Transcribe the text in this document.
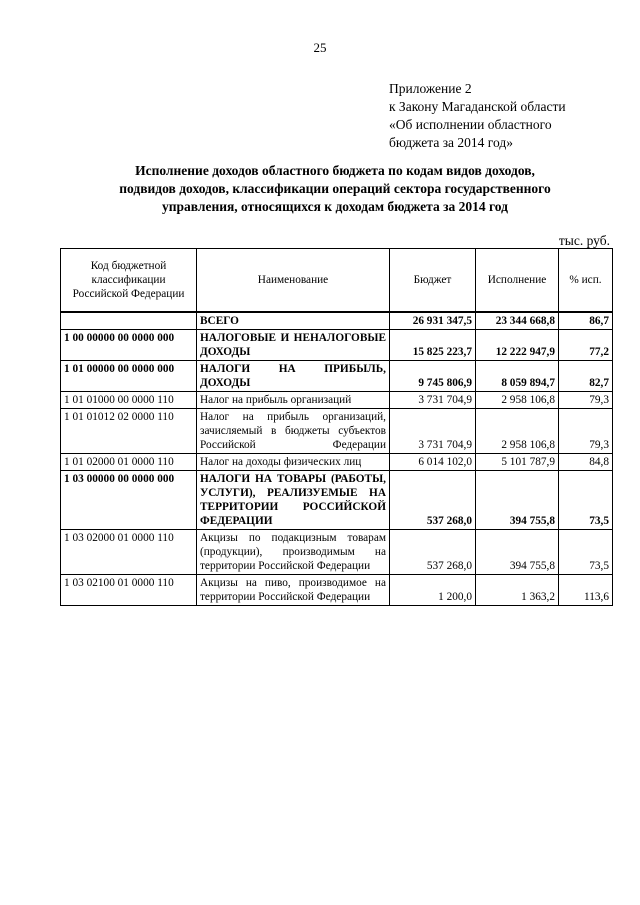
25
Приложение 2
к Закону Магаданской области
«Об исполнении областного
бюджета за 2014 год»
Исполнение доходов областного бюджета по кодам видов доходов,
подвидов доходов, классификации операций сектора государственного
управления, относящихся к доходам бюджета за 2014 год
тыс. руб.
Код бюджетной классификации Российской Федерации	Наименование	Бюджет	Исполнение	% исп.
	ВСЕГО	26 931 347,5	23 344 668,8	86,7
1 00 00000 00 0000 000	НАЛОГОВЫЕ И НЕНАЛОГОВЫЕ ДОХОДЫ	15 825 223,7	12 222 947,9	77,2
1 01 00000 00 0000 000	НАЛОГИ НА ПРИБЫЛЬ, ДОХОДЫ	9 745 806,9	8 059 894,7	82,7
1 01 01000 00 0000 110	Налог на прибыль организаций	3 731 704,9	2 958 106,8	79,3
1 01 01012 02 0000 110	Налог на прибыль организаций, зачисляемый в бюджеты субъектов Российской Федерации	3 731 704,9	2 958 106,8	79,3
1 01 02000 01 0000 110	Налог на доходы физических лиц	6 014 102,0	5 101 787,9	84,8
1 03 00000 00 0000 000	НАЛОГИ НА ТОВАРЫ (РАБОТЫ, УСЛУГИ), РЕАЛИЗУЕМЫЕ НА ТЕРРИТОРИИ РОССИЙСКОЙ ФЕДЕРАЦИИ	537 268,0	394 755,8	73,5
1 03 02000 01 0000 110	Акцизы по подакцизным товарам (продукции), производимым на территории Российской Федерации	537 268,0	394 755,8	73,5
1 03 02100 01 0000 110	Акцизы на пиво, производимое на территории Российской Федерации	1 200,0	1 363,2	113,6
